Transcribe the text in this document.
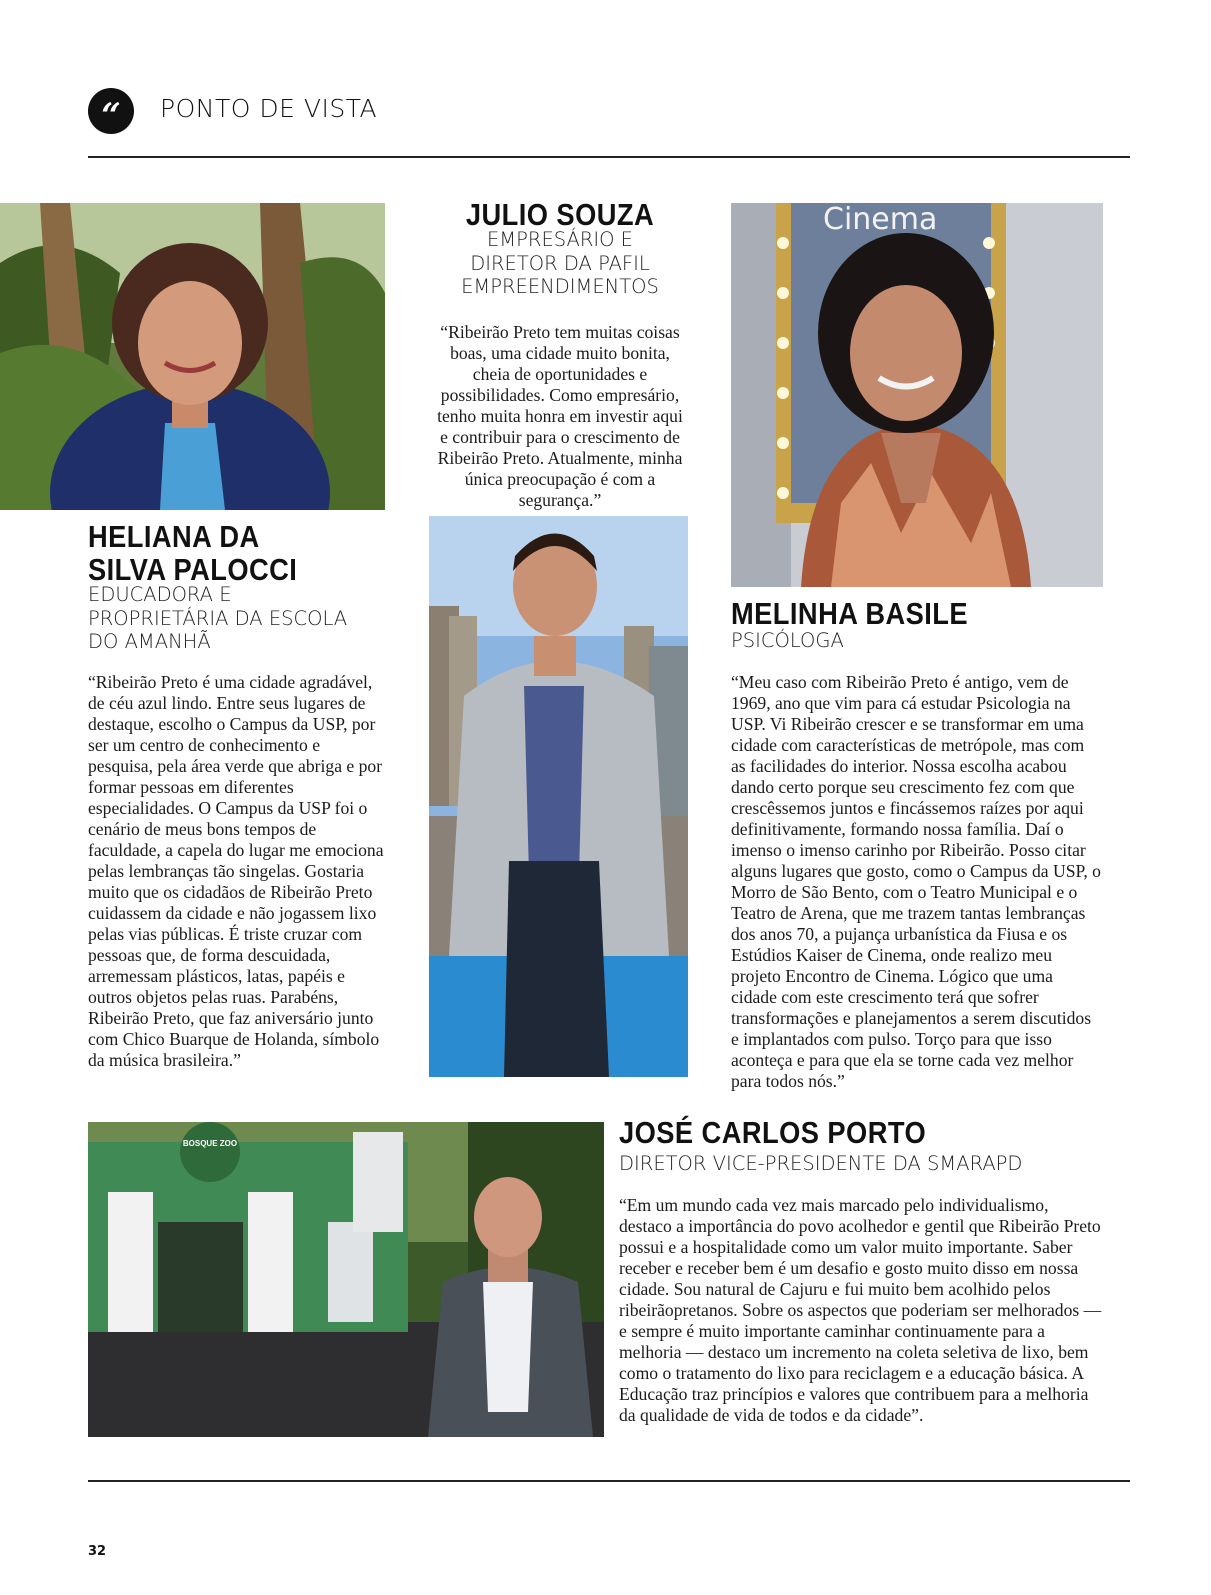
“	PONTO DE VISTA
HELIANA DA
SILVA PALOCCI
EDUCADORA E
PROPRIETÁRIA DA ESCOLA
DO AMANHÃ
“Ribeirão Preto é uma cidade agradável, de céu azul lindo. Entre seus lugares de destaque, escolho o Campus da USP, por ser um centro de conhecimento e pesquisa, pela área verde que abriga e por formar pessoas em diferentes especialidades. O Campus da USP foi o cenário de meus bons tempos de faculdade, a capela do lugar me emociona pelas lembranças tão singelas. Gostaria muito que os cidadãos de Ribeirão Preto cuidassem da cidade e não jogassem lixo pelas vias públicas. É triste cruzar com pessoas que, de forma descuidada, arremessam plásticos, latas, papéis e outros objetos pelas ruas. Parabéns, Ribeirão Preto, que faz aniversário junto com Chico Buarque de Holanda, símbolo da música brasileira.”
JULIO SOUZA
EMPRESÁRIO E
DIRETOR DA PAFIL
EMPREENDIMENTOS
“Ribeirão Preto tem muitas coisas boas, uma cidade muito bonita, cheia de oportunidades e possibilidades. Como empresário, tenho muita honra em investir aqui e contribuir para o crescimento de Ribeirão Preto. Atualmente, minha única preocupação é com a segurança.”
Cinema
MELINHA BASILE
PSICÓLOGA
“Meu caso com Ribeirão Preto é antigo, vem de 1969, ano que vim para cá estudar Psicologia na USP. Vi Ribeirão crescer e se transformar em uma cidade com características de metrópole, mas com as facilidades do interior. Nossa escolha acabou dando certo porque seu crescimento fez com que crescêssemos juntos e fincássemos raízes por aqui definitivamente, formando nossa família. Daí o imenso o imenso carinho por Ribeirão. Posso citar alguns lugares que gosto, como o Campus da USP, o Morro de São Bento, com o Teatro Municipal e o Teatro de Arena, que me trazem tantas lembranças dos anos 70, a pujança urbanística da Fiusa e os Estúdios Kaiser de Cinema, onde realizo meu projeto Encontro de Cinema. Lógico que uma cidade com este crescimento terá que sofrer transformações e planejamentos a serem discutidos e implantados com pulso. Torço para que isso aconteça e para que ela se torne cada vez melhor para todos nós.”
BOSQUE ZOO	JOSÉ CARLOS PORTO
DIRETOR VICE-PRESIDENTE DA SMARAPD
“Em um mundo cada vez mais marcado pelo individualismo, destaco a importância do povo acolhedor e gentil que Ribeirão Preto possui e a hospitalidade como um valor muito importante. Saber receber e receber bem é um desafio e gosto muito disso em nossa cidade. Sou natural de Cajuru e fui muito bem acolhido pelos ribeirãopretanos. Sobre os aspectos que poderiam ser melhorados — e sempre é muito importante caminhar continuamente para a melhoria — destaco um incremento na coleta seletiva de lixo, bem como o tratamento do lixo para reciclagem e a educação básica. A Educação traz princípios e valores que contribuem para a melhoria da qualidade de vida de todos e da cidade”.
32
